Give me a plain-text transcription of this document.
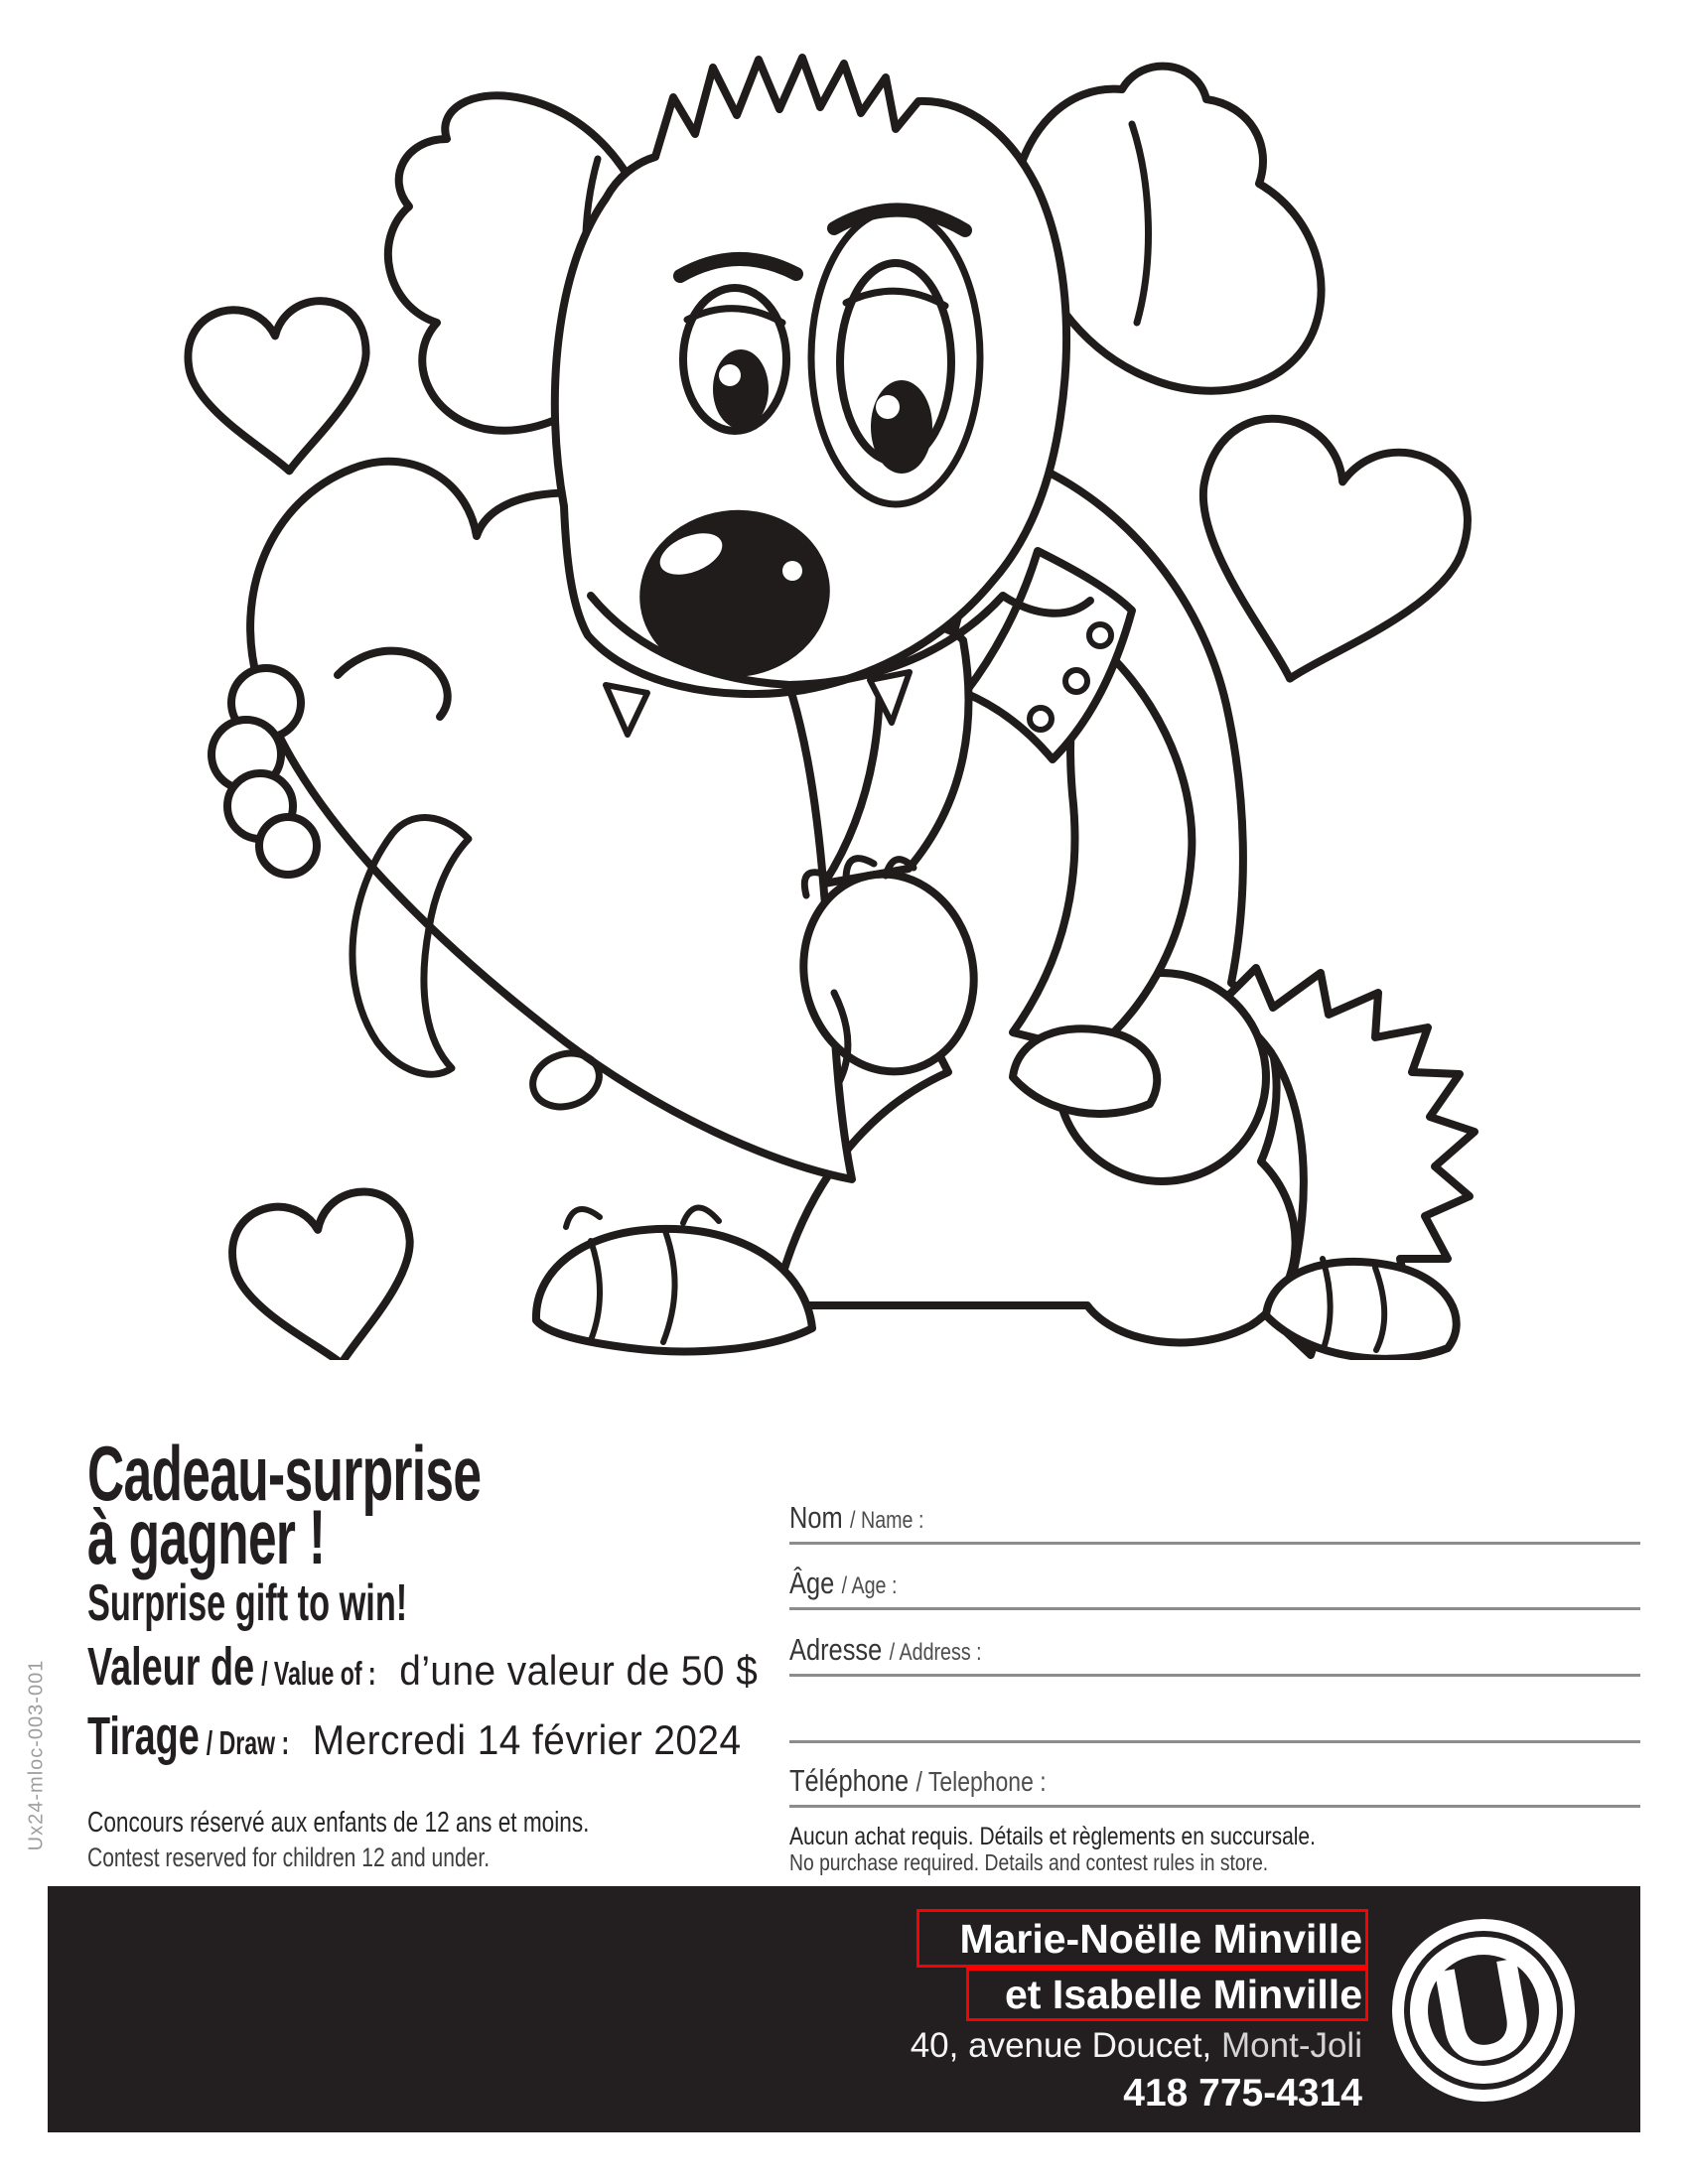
Cadeau-surprise
à gagner !
Surprise gift to win!
Valeur de / Value of : d’une valeur de 50 $
Tirage / Draw : Mercredi 14 février 2024
Concours réservé aux enfants de 12 ans et moins.
Contest reserved for children 12 and under.
Ux24-mloc-003-001
Nom / Name :
Âge / Age :
Adresse / Address :
Téléphone / Telephone :
Aucun achat requis. Détails et règlements en succursale.
No purchase required. Details and contest rules in store.
U
Marie-Noëlle Minville
et Isabelle Minville
40, avenue Doucet, Mont-Joli
418 775-4314
